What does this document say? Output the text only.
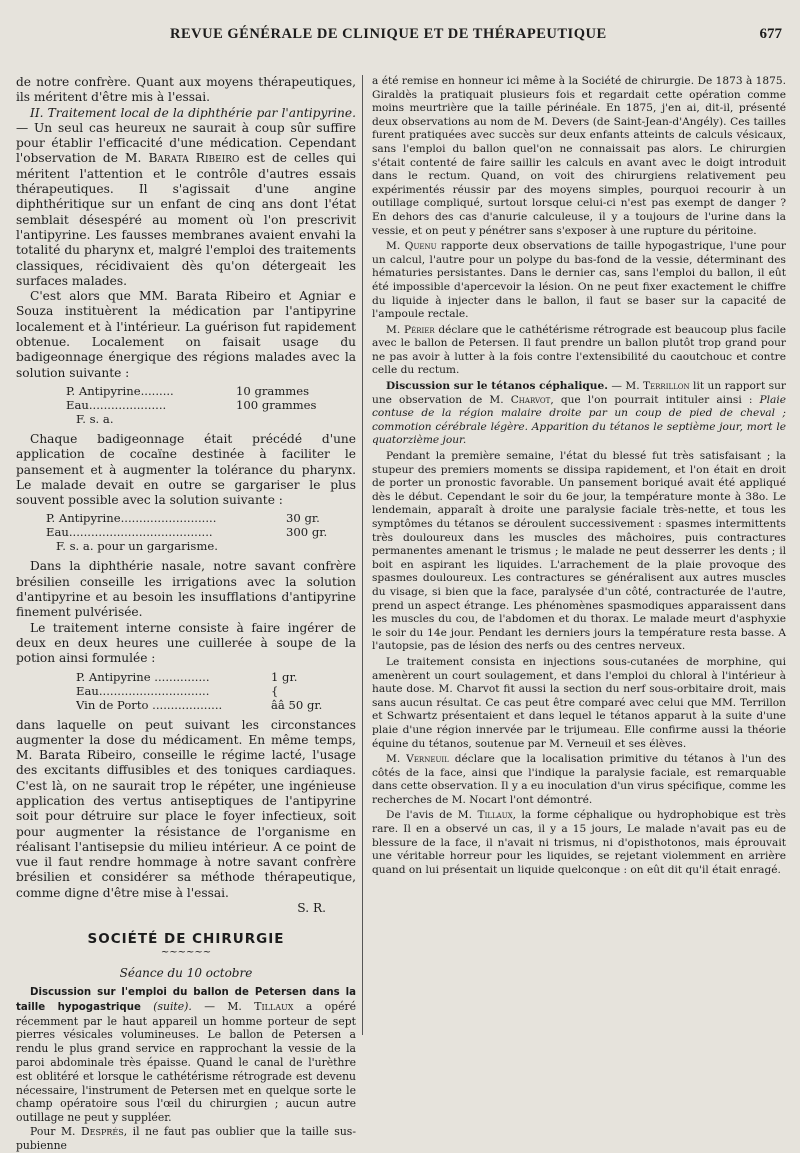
REVUE GÉNÉRALE DE CLINIQUE ET DE THÉRAPEUTIQUE	677

de notre confrère. Quant aux moyens thérapeutiques, ils méritent d'être mis à l'essai.

II. Traitement local de la diphthérie par l'antipyrine. — Un seul cas heureux ne saurait à coup sûr suffire pour établir l'efficacité d'une médication. Cependant l'observation de M. Barata Ribeiro est de celles qui méritent l'attention et le contrôle d'autres essais thérapeutiques. Il s'agissait d'une angine diphthéritique sur un enfant de cinq ans dont l'état semblait désespéré au moment où l'on prescrivit l'antipyrine. Les fausses membranes avaient envahi la totalité du pharynx et, malgré l'emploi des traitements classiques, récidivaient dès qu'on détergeait les surfaces malades.

C'est alors que MM. Barata Ribeiro et Agniar e Souza instituèrent la médication par l'antipyrine localement et à l'intérieur. La guérison fut rapidement obtenue. Localement on faisait usage du badigeonnage énergique des régions malades avec la solution suivante :

P. Antipyrine.........	10 grammes
Eau.....................	100 grammes
F. s. a.

Chaque badigeonnage était précédé d'une application de cocaïne destinée à faciliter le pansement et à augmenter la tolérance du pharynx. Le malade devait en outre se gargariser le plus souvent possible avec la solution suivante :

P. Antipyrine..........................	30 gr.
Eau.......................................	300 gr.
F. s. a. pour un gargarisme.

Dans la diphthérie nasale, notre savant confrère brésilien conseille les irrigations avec la solution d'antipyrine et au besoin les insufflations d'antipyrine finement pulvérisée.

Le traitement interne consiste à faire ingérer de deux en deux heures une cuillerée à soupe de la potion ainsi formulée :

P. Antipyrine ...............	1 gr.
Eau..............................	{
Vin de Porto ...................	ââ 50 gr.

dans laquelle on peut suivant les circonstances augmenter la dose du médicament. En même temps, M. Barata Ribeiro, conseille le régime lacté, l'usage des excitants diffusibles et des toniques cardiaques. C'est là, on ne saurait trop le répéter, une ingénieuse application des vertus antiseptiques de l'antipyrine soit pour détruire sur place le foyer infectieux, soit pour augmenter la résistance de l'organisme en réalisant l'antisepsie du milieu intérieur. A ce point de vue il faut rendre hommage à notre savant confrère brésilien et considérer sa méthode thérapeutique, comme digne d'être mise à l'essai.

S. R.
SOCIÉTÉ DE CHIRURGIE
~~~~~~
Séance du 10 octobre

Discussion sur l'emploi du ballon de Petersen dans la taille hypogastrique (suite). — M. Tillaux a opéré récemment par le haut appareil un homme porteur de sept pierres vésicales volumineuses. Le ballon de Petersen a rendu le plus grand service en rapprochant la vessie de la paroi abdominale très épaisse. Quand le canal de l'urèthre est oblitéré et lorsque le cathétérisme rétrograde est devenu nécessaire, l'instrument de Petersen met en quelque sorte le champ opératoire sous l'œil du chirurgien ; aucun autre outillage ne peut y suppléer.

Pour M. Després, il ne faut pas oublier que la taille sus-pubienne

a été remise en honneur ici même à la Société de chirurgie. De 1873 à 1875. Giraldès la pratiquait plusieurs fois et regardait cette opération comme moins meurtrière que la taille périnéale. En 1875, j'en ai, dit-il, présenté deux observations au nom de M. Devers (de Saint-Jean-d'Angély). Ces tailles furent pratiquées avec succès sur deux enfants atteints de calculs vésicaux, sans l'emploi du ballon quel'on ne connaissait pas alors. Le chirurgien s'était contenté de faire saillir les calculs en avant avec le doigt introduit dans le rectum. Quand, on voit des chirurgiens relativement peu expérimentés réussir par des moyens simples, pourquoi recourir à un outillage compliqué, surtout lorsque celui-ci n'est pas exempt de danger ? En dehors des cas d'anurie calculeuse, il y a toujours de l'urine dans la vessie, et on peut y pénétrer sans s'exposer à une rupture du péritoine.

M. Quenu rapporte deux observations de taille hypogastrique, l'une pour un calcul, l'autre pour un polype du bas-fond de la vessie, déterminant des hématuries persistantes. Dans le dernier cas, sans l'emploi du ballon, il eût été impossible d'apercevoir la lésion. On ne peut fixer exactement le chiffre du liquide à injecter dans le ballon, il faut se baser sur la capacité de l'ampoule rectale.

M. Périer déclare que le cathétérisme rétrograde est beaucoup plus facile avec le ballon de Petersen. Il faut prendre un ballon plutôt trop grand pour ne pas avoir à lutter à la fois contre l'extensibilité du caoutchouc et contre celle du rectum.

Discussion sur le tétanos céphalique. — M. Terrillon lit un rapport sur une observation de M. Charvot, que l'on pourrait intituler ainsi : Plaie contuse de la région malaire droite par un coup de pied de cheval ; commotion cérébrale légère. Apparition du tétanos le septième jour, mort le quatorzième jour.

Pendant la première semaine, l'état du blessé fut très satisfaisant ; la stupeur des premiers moments se dissipa rapidement, et l'on était en droit de porter un pronostic favorable. Un pansement boriqué avait été appliqué dès le début. Cependant le soir du 6e jour, la température monte à 38o. Le lendemain, apparaît à droite une paralysie faciale très-nette, et tous les symptômes du tétanos se déroulent successivement : spasmes intermittents très douloureux dans les muscles des mâchoires, puis contractures permanentes amenant le trismus ; le malade ne peut desserrer les dents ; il boit en aspirant les liquides. L'arrachement de la plaie provoque des spasmes douloureux. Les contractures se généralisent aux autres muscles du visage, si bien que la face, paralysée d'un côté, contracturée de l'autre, prend un aspect étrange. Les phénomènes spasmodiques apparaissent dans les muscles du cou, de l'abdomen et du thorax. Le malade meurt d'asphyxie le soir du 14e jour. Pendant les derniers jours la température resta basse. A l'autopsie, pas de lésion des nerfs ou des centres nerveux.

Le traitement consista en injections sous-cutanées de morphine, qui amenèrent un court soulagement, et dans l'emploi du chloral à l'intérieur à haute dose. M. Charvot fit aussi la section du nerf sous-orbitaire droit, mais sans aucun résultat. Ce cas peut être comparé avec celui que MM. Terrillon et Schwartz présentaient et dans lequel le tétanos apparut à la suite d'une plaie d'une région innervée par le trijumeau. Elle confirme aussi la théorie équine du tétanos, soutenue par M. Verneuil et ses élèves.

M. Verneuil déclare que la localisation primitive du tétanos à l'un des côtés de la face, ainsi que l'indique la paralysie faciale, est remarquable dans cette observation. Il y a eu inoculation d'un virus spécifique, comme les recherches de M. Nocart l'ont démontré.

De l'avis de M. Tillaux, la forme céphalique ou hydrophobique est très rare. Il en a observé un cas, il y a 15 jours, Le malade n'avait pas eu de blessure de la face, il n'avait ni trismus, ni d'opisthotonos, mais éprouvait une véritable horreur pour les liquides, se rejetant violemment en arrière quand on lui présentait un liquide quelconque : on eût dit qu'il était enragé.
